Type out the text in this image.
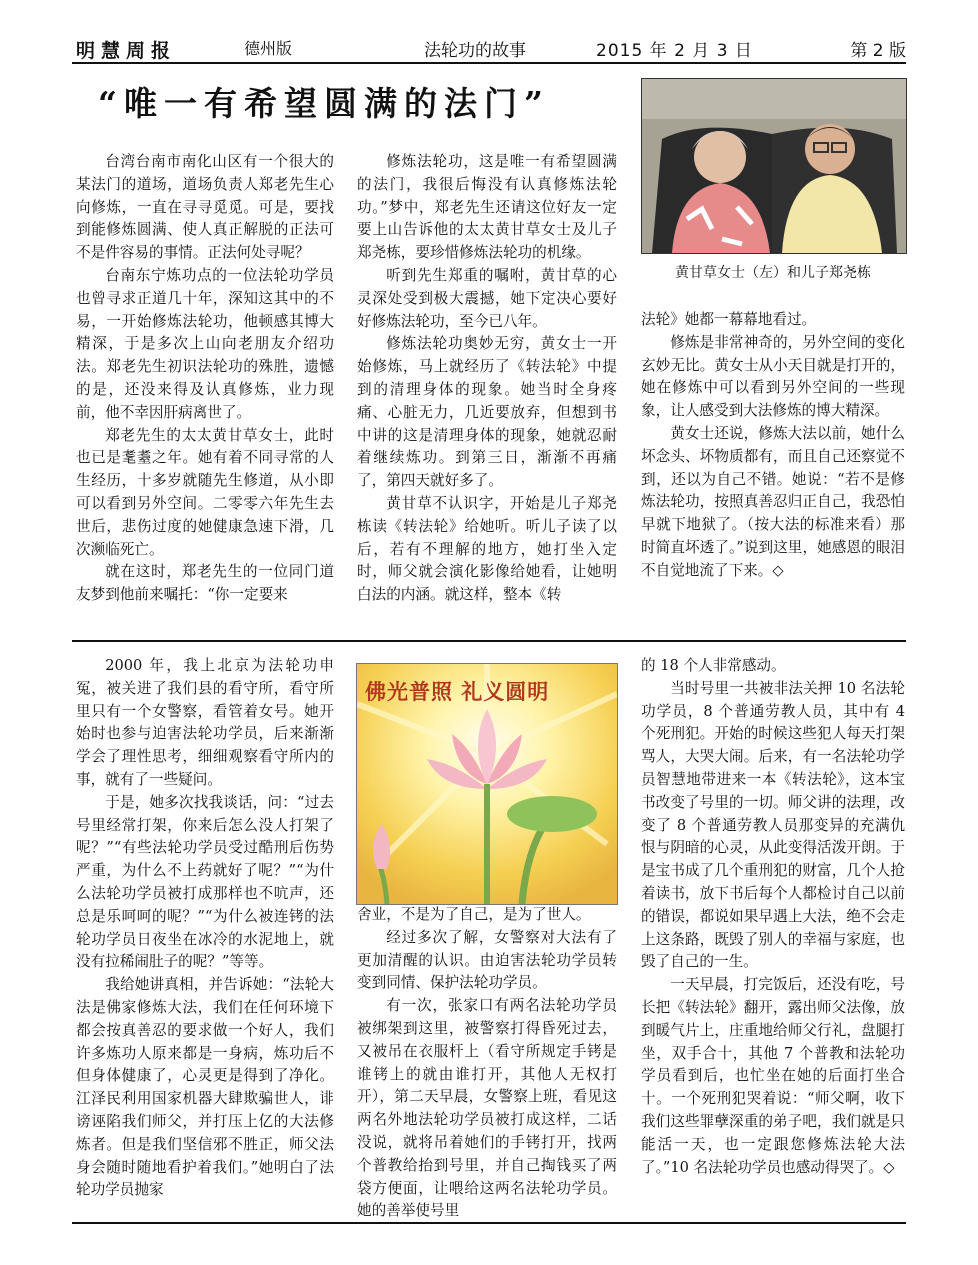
明慧周报	德州版	法轮功的故事	2015 年 2 月 3 日	第 2 版
“唯一有希望圆满的法门”

台湾台南市南化山区有一个很大的某法门的道场，道场负责人郑老先生心向修炼，一直在寻寻觅觅。可是，要找到能修炼圆满、使人真正解脱的正法可不是件容易的事情。正法何处寻呢？

台南东宁炼功点的一位法轮功学员也曾寻求正道几十年，深知这其中的不易，一开始修炼法轮功，他顿感其博大精深，于是多次上山向老朋友介绍功法。郑老先生初识法轮功的殊胜，遗憾的是，还没来得及认真修炼，业力现前，他不幸因肝病离世了。

郑老先生的太太黄甘草女士，此时也已是耄耋之年。她有着不同寻常的人生经历，十多岁就随先生修道，从小即可以看到另外空间。二零零六年先生去世后，悲伤过度的她健康急速下滑，几次濒临死亡。

就在这时，郑老先生的一位同门道友梦到他前来嘱托：“你一定要来

修炼法轮功，这是唯一有希望圆满的法门，我很后悔没有认真修炼法轮功。”梦中，郑老先生还请这位好友一定要上山告诉他的太太黄甘草女士及儿子郑尧栋，要珍惜修炼法轮功的机缘。

听到先生郑重的嘱咐，黄甘草的心灵深处受到极大震撼，她下定决心要好好修炼法轮功，至今已八年。

修炼法轮功奥妙无穷，黄女士一开始修炼，马上就经历了《转法轮》中提到的清理身体的现象。她当时全身疼痛、心脏无力，几近要放弃，但想到书中讲的这是清理身体的现象，她就忍耐着继续炼功。到第三日，渐渐不再痛了，第四天就好多了。

黄甘草不认识字，开始是儿子郑尧栋读《转法轮》给她听。听儿子读了以后，若有不理解的地方，她打坐入定时，师父就会演化影像给她看，让她明白法的内涵。就这样，整本《转

法轮》她都一幕幕地看过。

修炼是非常神奇的，另外空间的变化玄妙无比。黄女士从小天目就是打开的，她在修炼中可以看到另外空间的一些现象，让人感受到大法修炼的博大精深。

黄女士还说，修炼大法以前，她什么坏念头、坏物质都有，而且自己还察觉不到，还以为自己不错。她说：“若不是修炼法轮功，按照真善忍归正自己，我恐怕早就下地狱了。（按大法的标准来看）那时简直坏透了。”说到这里，她感恩的眼泪不自觉地流了下来。◇

黄甘草女士（左）和儿子郑尧栋

2000 年，我上北京为法轮功申冤，被关进了我们县的看守所，看守所里只有一个女警察，看管着女号。她开始时也参与迫害法轮功学员，后来渐渐学会了理性思考，细细观察看守所内的事，就有了一些疑问。

于是，她多次找我谈话，问：“过去号里经常打架，你来后怎么没人打架了呢？”“有些法轮功学员受过酷刑后伤势严重，为什么不上药就好了呢？”“为什么法轮功学员被打成那样也不吭声，还总是乐呵呵的呢？”“为什么被连铐的法轮功学员日夜坐在冰冷的水泥地上，就没有拉稀闹肚子的呢？”等等。

我给她讲真相，并告诉她：“法轮大法是佛家修炼大法，我们在任何环境下都会按真善忍的要求做一个好人，我们许多炼功人原来都是一身病，炼功后不但身体健康了，心灵更是得到了净化。江泽民利用国家机器大肆欺骗世人，诽谤诬陷我们师父，并打压上亿的大法修炼者。但是我们坚信邪不胜正，师父法身会随时随地看护着我们。”她明白了法轮功学员抛家

佛光普照 礼义圆明

舍业，不是为了自己，是为了世人。

经过多次了解，女警察对大法有了更加清醒的认识。由迫害法轮功学员转变到同情、保护法轮功学员。

有一次，张家口有两名法轮功学员被绑架到这里，被警察打得昏死过去，又被吊在衣服杆上（看守所规定手铐是谁铐上的就由谁打开，其他人无权打开），第二天早晨，女警察上班，看见这两名外地法轮功学员被打成这样，二话没说，就将吊着她们的手铐打开，找两个普教给抬到号里，并自己掏钱买了两袋方便面，让喂给这两名法轮功学员。她的善举使号里

的 18 个人非常感动。

当时号里一共被非法关押 10 名法轮功学员，8 个普通劳教人员，其中有 4 个死刑犯。开始的时候这些犯人每天打架骂人，大哭大闹。后来，有一名法轮功学员智慧地带进来一本《转法轮》，这本宝书改变了号里的一切。师父讲的法理，改变了 8 个普通劳教人员那变异的充满仇恨与阴暗的心灵，从此变得活泼开朗。于是宝书成了几个重刑犯的财富，几个人抢着读书，放下书后每个人都检讨自己以前的错误，都说如果早遇上大法，绝不会走上这条路，既毁了别人的幸福与家庭，也毁了自己的一生。

一天早晨，打完饭后，还没有吃，号长把《转法轮》翻开，露出师父法像，放到暖气片上，庄重地给师父行礼，盘腿打坐，双手合十，其他 7 个普教和法轮功学员看到后，也忙坐在她的后面打坐合十。一个死刑犯哭着说：“师父啊，收下我们这些罪孽深重的弟子吧，我们就是只能活一天，也一定跟您修炼法轮大法了。”10 名法轮功学员也感动得哭了。◇
